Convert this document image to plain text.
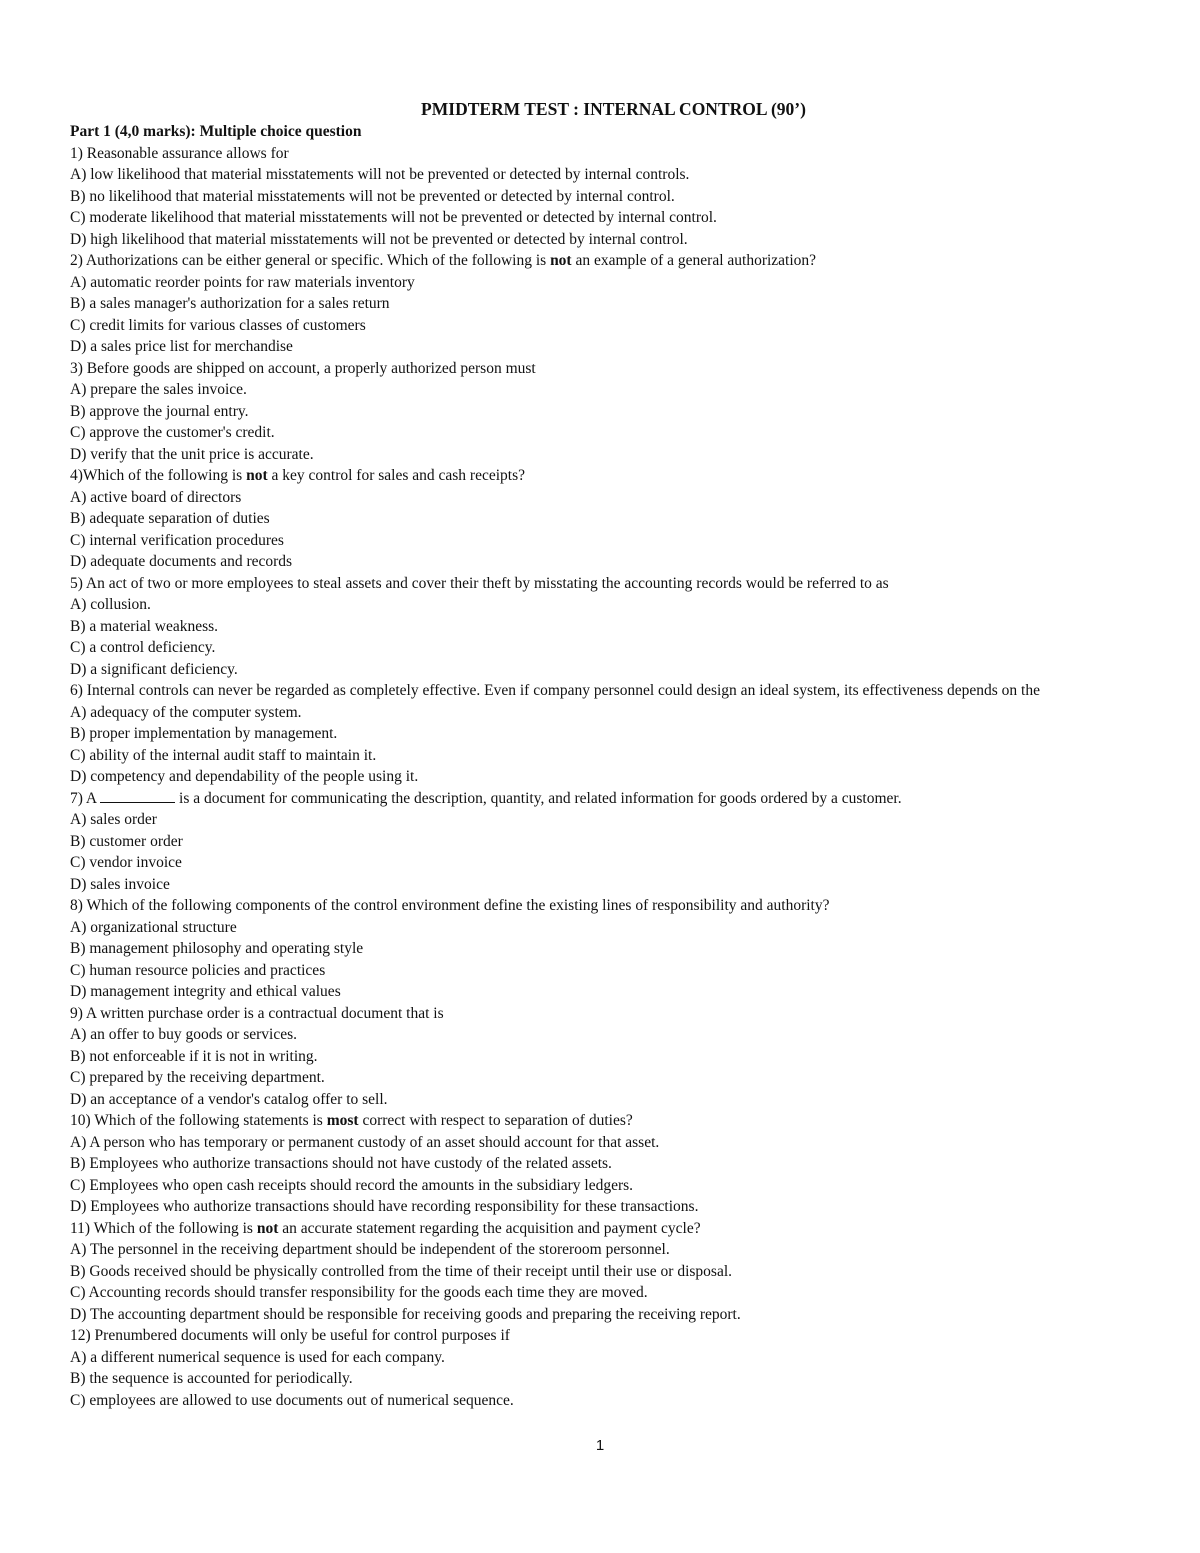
PMIDTERM TEST : INTERNAL CONTROL (90’)
Part 1 (4,0 marks): Multiple choice question
1) Reasonable assurance allows for
A) low likelihood that material misstatements will not be prevented or detected by internal controls.
B) no likelihood that material misstatements will not be prevented or detected by internal control.
C) moderate likelihood that material misstatements will not be prevented or detected by internal control.
D) high likelihood that material misstatements will not be prevented or detected by internal control.
2) Authorizations can be either general or specific. Which of the following is not an example of a general authorization?
A) automatic reorder points for raw materials inventory
B) a sales manager's authorization for a sales return
C) credit limits for various classes of customers
D) a sales price list for merchandise
3) Before goods are shipped on account, a properly authorized person must
A) prepare the sales invoice.
B) approve the journal entry.
C) approve the customer's credit.
D) verify that the unit price is accurate.
4)Which of the following is not a key control for sales and cash receipts?
A) active board of directors
B) adequate separation of duties
C) internal verification procedures
D) adequate documents and records
5) An act of two or more employees to steal assets and cover their theft by misstating the accounting records would be referred to as
A) collusion.
B) a material weakness.
C) a control deficiency.
D) a significant deficiency.
6) Internal controls can never be regarded as completely effective. Even if company personnel could design an ideal system, its effectiveness depends on the
A) adequacy of the computer system.
B) proper implementation by management.
C) ability of the internal audit staff to maintain it.
D) competency and dependability of the people using it.
7) A	is a document for communicating the description, quantity, and related information for goods ordered by a customer.
A) sales order
B) customer order
C) vendor invoice
D) sales invoice
8) Which of the following components of the control environment define the existing lines of responsibility and authority?
A) organizational structure
B) management philosophy and operating style
C) human resource policies and practices
D) management integrity and ethical values
9) A written purchase order is a contractual document that is
A) an offer to buy goods or services.
B) not enforceable if it is not in writing.
C) prepared by the receiving department.
D) an acceptance of a vendor's catalog offer to sell.
10) Which of the following statements is most correct with respect to separation of duties?
A) A person who has temporary or permanent custody of an asset should account for that asset.
B) Employees who authorize transactions should not have custody of the related assets.
C) Employees who open cash receipts should record the amounts in the subsidiary ledgers.
D) Employees who authorize transactions should have recording responsibility for these transactions.
11) Which of the following is not an accurate statement regarding the acquisition and payment cycle?
A) The personnel in the receiving department should be independent of the storeroom personnel.
B) Goods received should be physically controlled from the time of their receipt until their use or disposal.
C) Accounting records should transfer responsibility for the goods each time they are moved.
D) The accounting department should be responsible for receiving goods and preparing the receiving report.
12) Prenumbered documents will only be useful for control purposes if
A) a different numerical sequence is used for each company.
B) the sequence is accounted for periodically.
C) employees are allowed to use documents out of numerical sequence.
1
